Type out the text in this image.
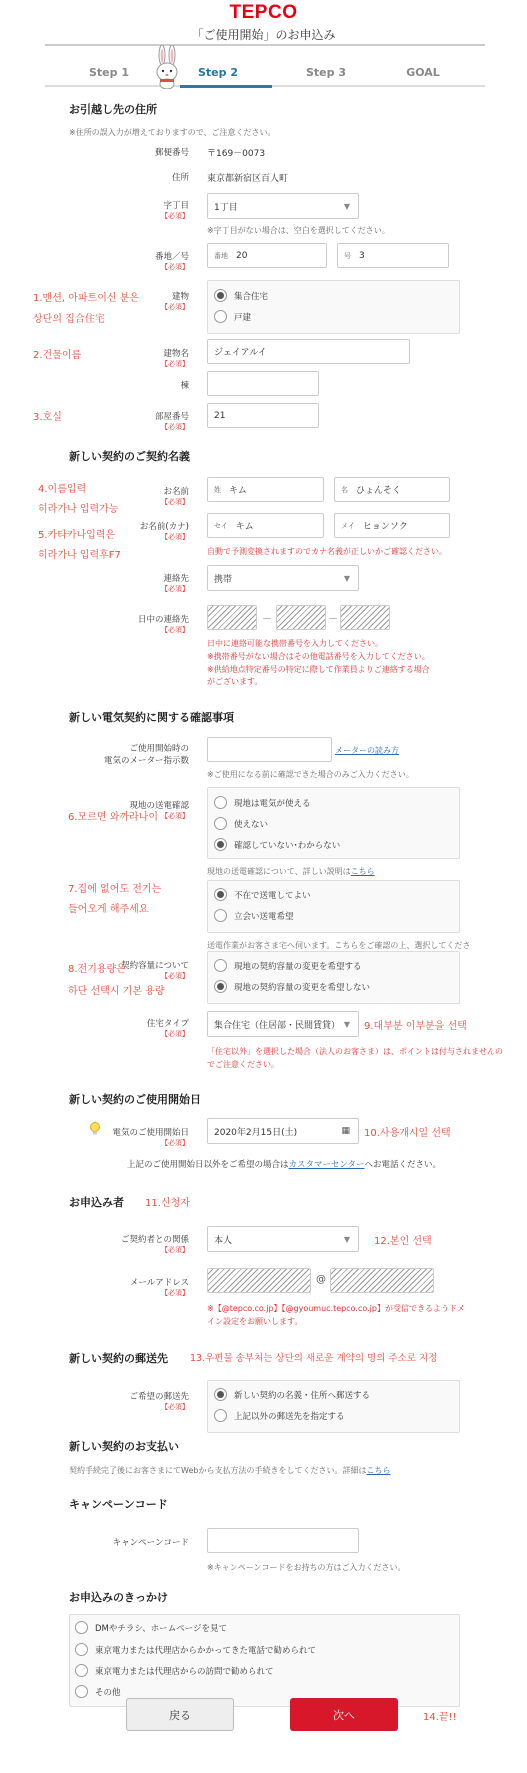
TEPCO
「ご使用開始」のお申込み
Step 1	Step 2	Step 3	GOAL
お引越し先の住所
※住所の誤入力が増えておりますので、ご注意ください。
郵便番号 〒169－0073
住所 東京都新宿区百人町
字丁目
【必須】
1丁目	▼
※字丁目がない場合は、空白を選択してください。
番地／号
【必須】
番地 20	号 3
建物
【必須】
集合住宅
戸建
建物名
【必須】
ジェイアルイ
棟
部屋番号
【必須】
21
新しい契約のご契約名義
お名前
【必須】
姓 キム	名 ひょんそく
お名前(カナ)
【必須】
セイ キム	メイ ヒョンソク
自動で予測変換されますのでカナ名義が正しいかご確認ください。
連絡先
【必須】
携帯	▼
日中の連絡先
【必須】
－	－
日中に連絡可能な携帯番号を入力してください。
※携帯番号がない場合はその他電話番号を入力してください。
※供給地点特定番号の特定に際して作業員よりご連絡する場合がございます。
新しい電気契約に関する確認事項
ご使用開始時の
電気のメーター指示数
メーターの読み方
※ご使用になる前に確認できた場合のみご入力ください。
現地の送電確認
【必須】
現地は電気が使える
使えない
確認していない･わからない
現地の送電確認について、詳しい説明はこちら
不在で送電してよい
立会い送電希望
送電作業がお客さま宅へ伺います。こちらをご確認の上、選択してくださ
契約容量について
【必須】
現地の契約容量の変更を希望する
現地の契約容量の変更を希望しない
住宅タイプ
【必須】
集合住宅（住居部・民間賃貸） ▼
「住宅以外」を選択した場合（法人のお客さま）は、ポイントは付与されませんの
でご注意ください。
新しい契約のご使用開始日
電気のご使用開始日
【必須】
2020年2月15日(土)	▦
上記のご使用開始日以外をご希望の場合はカスタマーセンターへお電話ください。
お申込み者
ご契約者との関係
【必須】
本人	▼
メールアドレス
【必須】
@
※【@tepco.co.jp】【@gyoumuc.tepco.co.jp】が受信できるようドメ
イン設定をお願いします。
新しい契約の郵送先
ご希望の郵送先
【必須】
新しい契約の名義・住所へ郵送する
上記以外の郵送先を指定する
新しい契約のお支払い
契約手続完了後にお客さまにてWebから支払方法の手続きをしてください。詳細はこちら
キャンペーンコード
キャンペーンコード
※キャンペーンコードをお持ちの方はご入力ください。
お申込みのきっかけ
DMやチラシ、ホームページを見て
東京電力または代理店からかかってきた電話で勧められて
東京電力または代理店からの訪問で勧められて
その他
戻る	次へ
1.맨션, 아파트이신 분은
상단의 집合住宅
2.건물이름
3.호실
4.이름입력
히라가나 입력가능
5.카타카나입력은
히라가나 입력후F7
6.모르면 와까라나이
7.집에 없어도 전기는
들어오게 해주세요
8.전기용량은
하단 선택시 기본 용량
9.대부분 이부분을 선택
10.사용개시일 선택
11.신청자
12.본인 선택
13.우편물 송부처는 상단의 새로운 계약의 명의 주소로 지정
14.끝!!
